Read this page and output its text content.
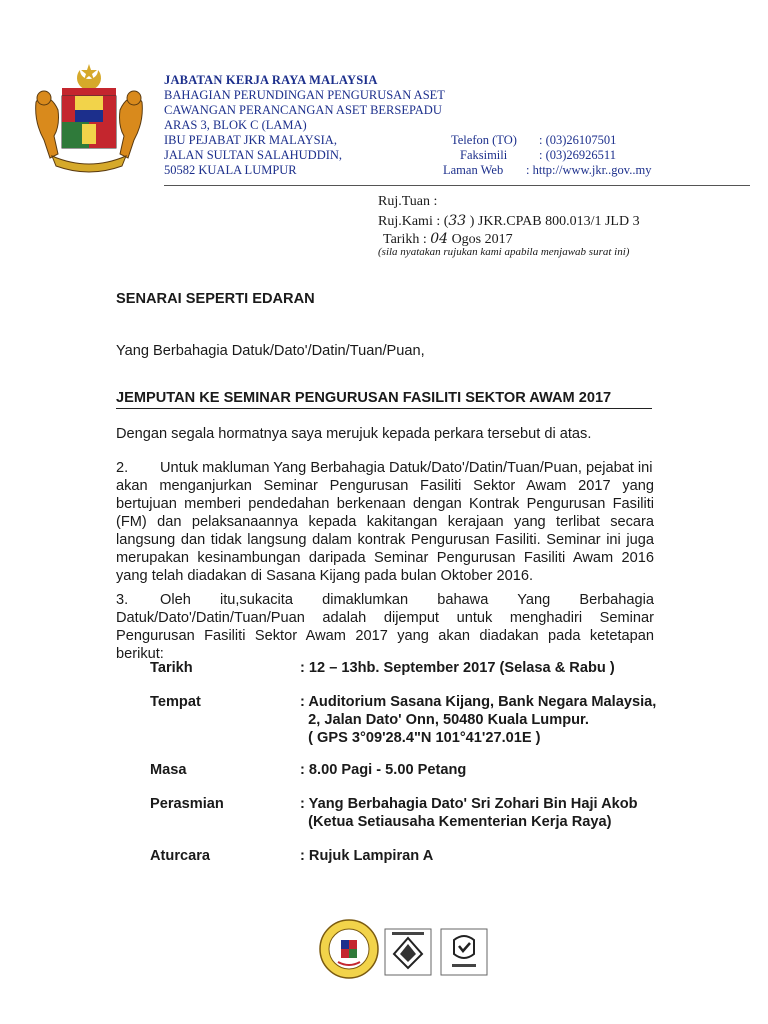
JABATAN KERJA RAYA MALAYSIA
BAHAGIAN PERUNDINGAN PENGURUSAN ASET
CAWANGAN PERANCANGAN ASET BERSEPADU
ARAS 3, BLOK C (LAMA)
IBU PEJABAT JKR MALAYSIA,
JALAN SULTAN SALAHUDDIN,
50582 KUALA LUMPUR
Telefon (TO) : (03)26107501
Faksimili	: (03)26926511
Laman Web : http://www.jkr..gov..my
Ruj.Tuan :
Ruj.Kami : (33 ) JKR.CPAB 800.013/1 JLD 3
Tarikh : 04 Ogos 2017
(sila nyatakan rujukan kami apabila menjawab surat ini)
SENARAI SEPERTI EDARAN
Yang Berbahagia Datuk/Dato'/Datin/Tuan/Puan,
JEMPUTAN KE SEMINAR PENGURUSAN FASILITI SEKTOR AWAM 2017
Dengan segala hormatnya saya merujuk kepada perkara tersebut di atas.
2. Untuk makluman Yang Berbahagia Datuk/Dato'/Datin/Tuan/Puan, pejabat ini
akan menganjurkan Seminar Pengurusan Fasiliti Sektor Awam 2017 yang bertujuan memberi pendedahan berkenaan dengan Kontrak Pengurusan Fasiliti (FM) dan pelaksanaannya kepada kakitangan kerajaan yang terlibat secara langsung dan tidak langsung dalam kontrak Pengurusan Fasiliti. Seminar ini juga merupakan kesinambungan daripada Seminar Pengurusan Fasiliti Awam 2016 yang telah diadakan di Sasana Kijang pada bulan Oktober 2016.
3. Oleh itu,sukacita dimaklumkan bahawa Yang Berbahagia
Datuk/Dato'/Datin/Tuan/Puan adalah dijemput untuk menghadiri Seminar Pengurusan Fasiliti Sektor Awam 2017 yang akan diadakan pada ketetapan berikut:
Tarikh	: 12 – 13hb. September 2017 (Selasa & Rabu )
Tempat	: Auditorium Sasana Kijang, Bank Negara Malaysia,
2, Jalan Dato' Onn, 50480 Kuala Lumpur.
( GPS 3°09'28.4"N 101°41'27.01E )
Masa	: 8.00 Pagi - 5.00 Petang
Perasmian	: Yang Berbahagia Dato' Sri Zohari Bin Haji Akob
(Ketua Setiausaha Kementerian Kerja Raya)
Aturcara	: Rujuk Lampiran A
